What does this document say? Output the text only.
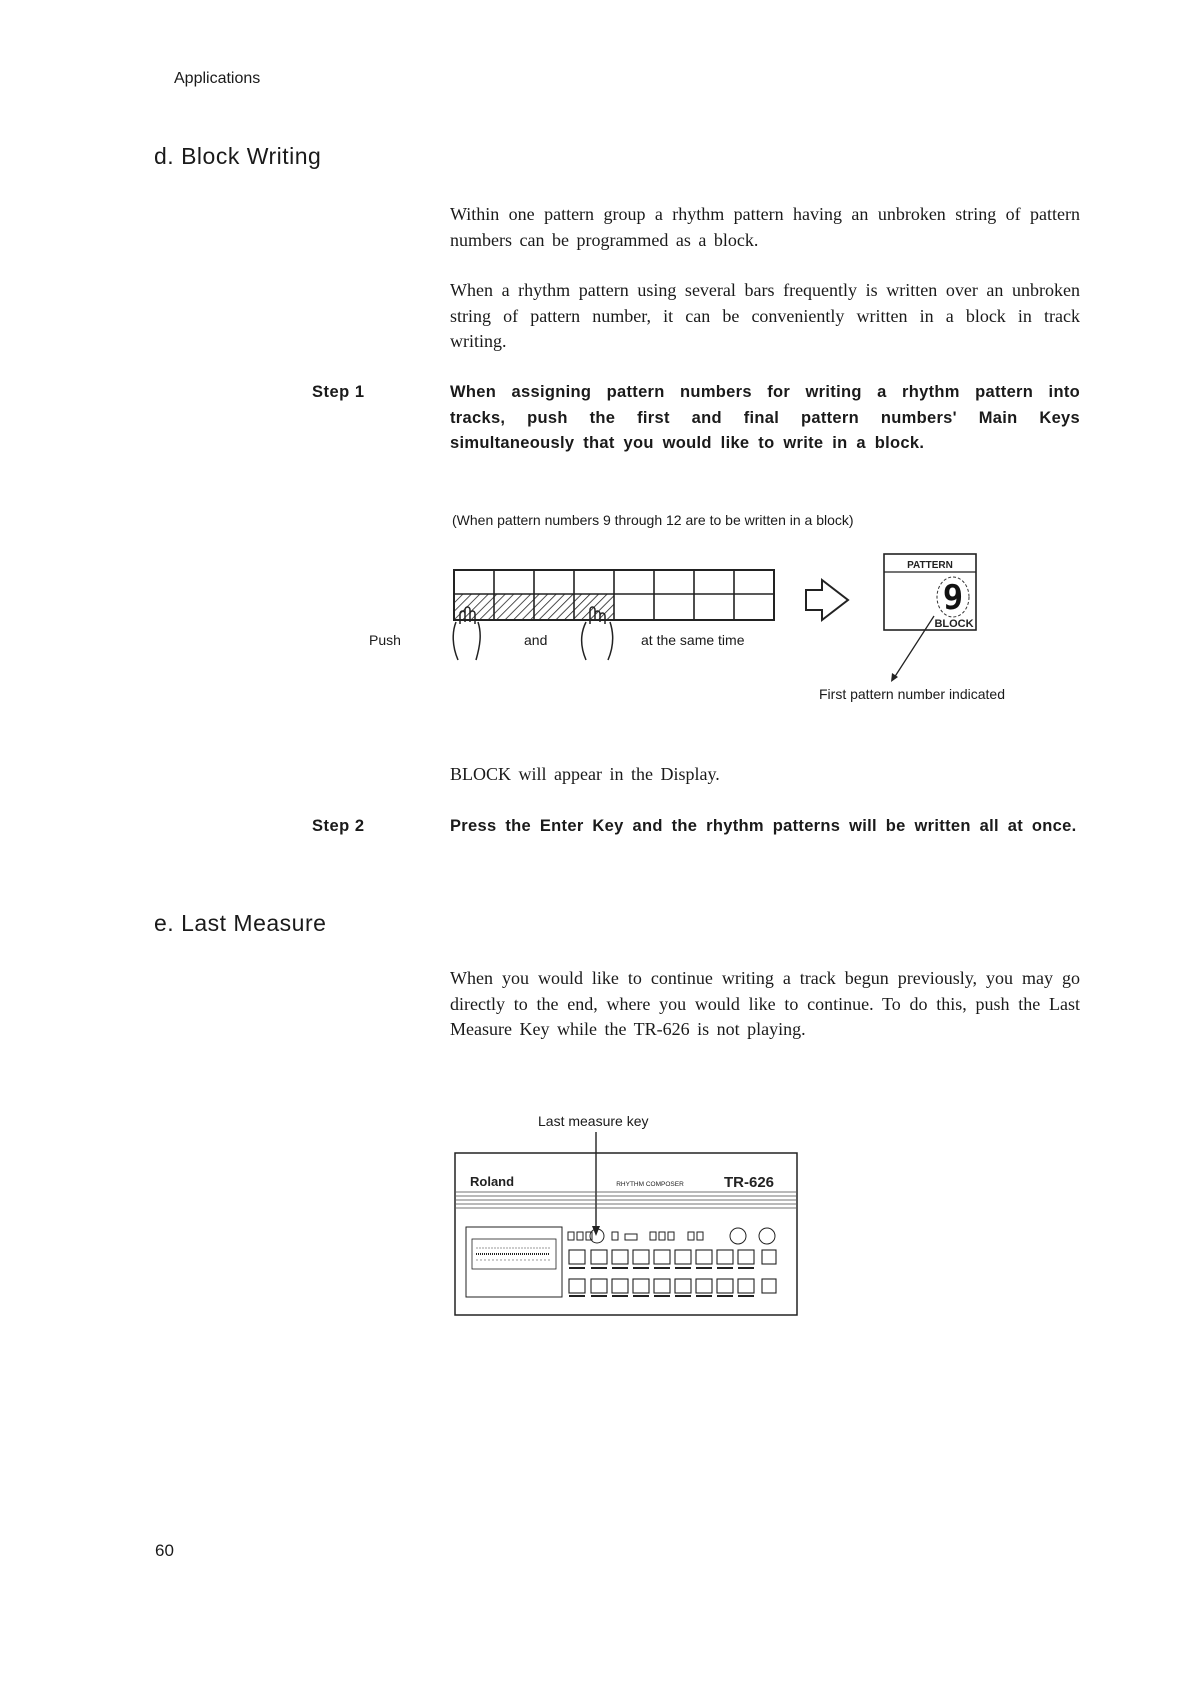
Applications
d. Block Writing
Within one pattern group a rhythm pattern having an unbroken string of pattern numbers can be programmed as a block.
When a rhythm pattern using several bars frequently is written over an unbroken string of pattern number, it can be conveniently written in a block in track writing.
Step 1	When assigning pattern numbers for writing a rhythm pattern into tracks, push the first and final pattern numbers' Main Keys simultaneously that you would like to write in a block.
(When pattern numbers 9 through 12 are to be written in a block)
Push	and	at the same time
PATTERN
9
BLOCK
First pattern number indicated
BLOCK will appear in the Display.
Step 2	Press the Enter Key and the rhythm patterns will be written all at once.
e. Last Measure
When you would like to continue writing a track begun previously, you may go directly to the end, where you would like to continue. To do this, push the Last Measure Key while the TR-626 is not playing.
Last measure key
Roland	RHYTHM COMPOSER	TR-626
60
